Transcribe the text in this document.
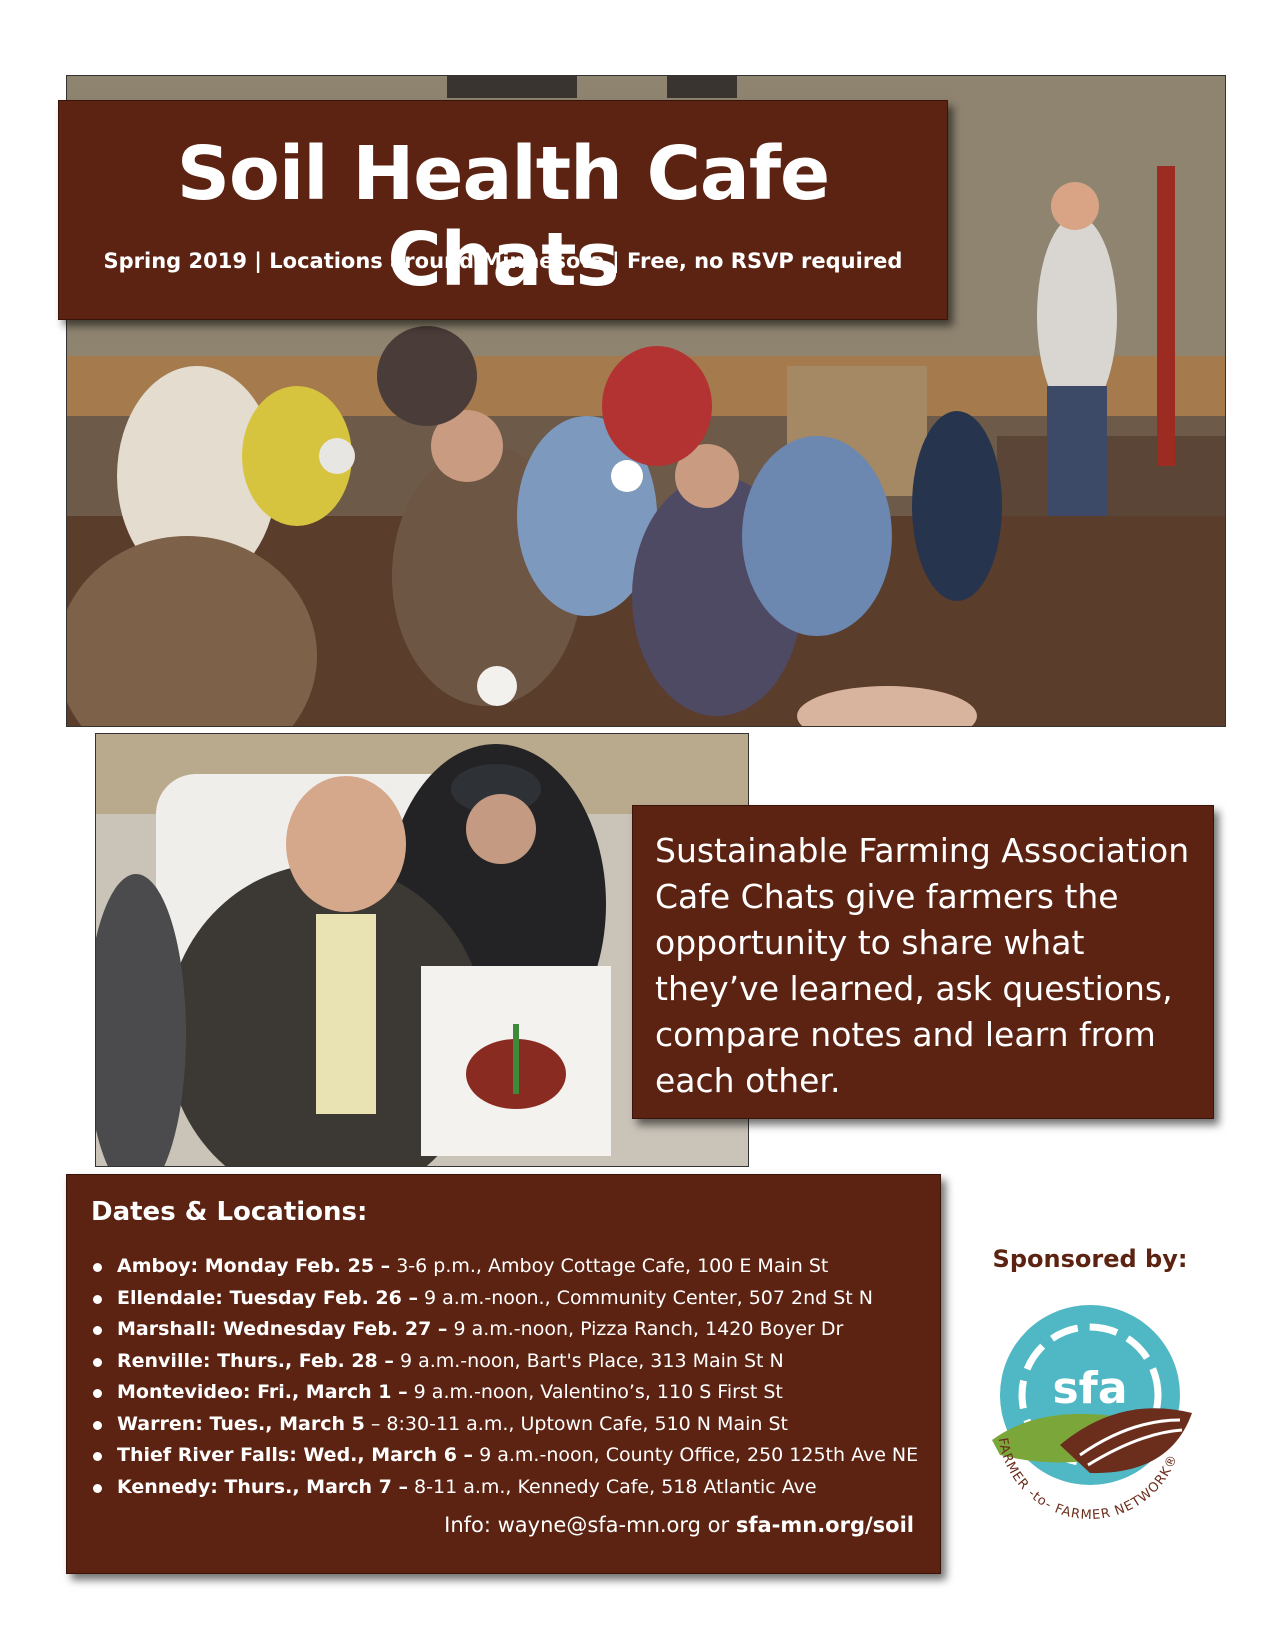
Soil Health Cafe Chats
Spring 2019 | Locations around Minnesota | Free, no RSVP required

Sustainable Farming Association Cafe Chats give farmers the opportunity to share what they’ve learned, ask questions, compare notes and learn from each other.

Dates & Locations:
Amboy: Monday Feb. 25 – 3-6 p.m., Amboy Cottage Cafe, 100 E Main St
Ellendale: Tuesday Feb. 26 – 9 a.m.-noon., Community Center, 507 2nd St N
Marshall: Wednesday Feb. 27 – 9 a.m.-noon, Pizza Ranch, 1420 Boyer Dr
Renville: Thurs., Feb. 28 – 9 a.m.-noon, Bart's Place, 313 Main St N
Montevideo: Fri., March 1 – 9 a.m.-noon, Valentino’s, 110 S First St
Warren: Tues., March 5 – 8:30-11 a.m., Uptown Cafe, 510 N Main St
Thief River Falls: Wed., March 6 – 9 a.m.-noon, County Office, 250 125th Ave NE
Kennedy: Thurs., March 7 – 8-11 a.m., Kennedy Cafe, 518 Atlantic Ave
Info: wayne@sfa-mn.org or sfa-mn.org/soil
Sponsored by:
sfa
FARMER -to- FARMER NETWORK®
